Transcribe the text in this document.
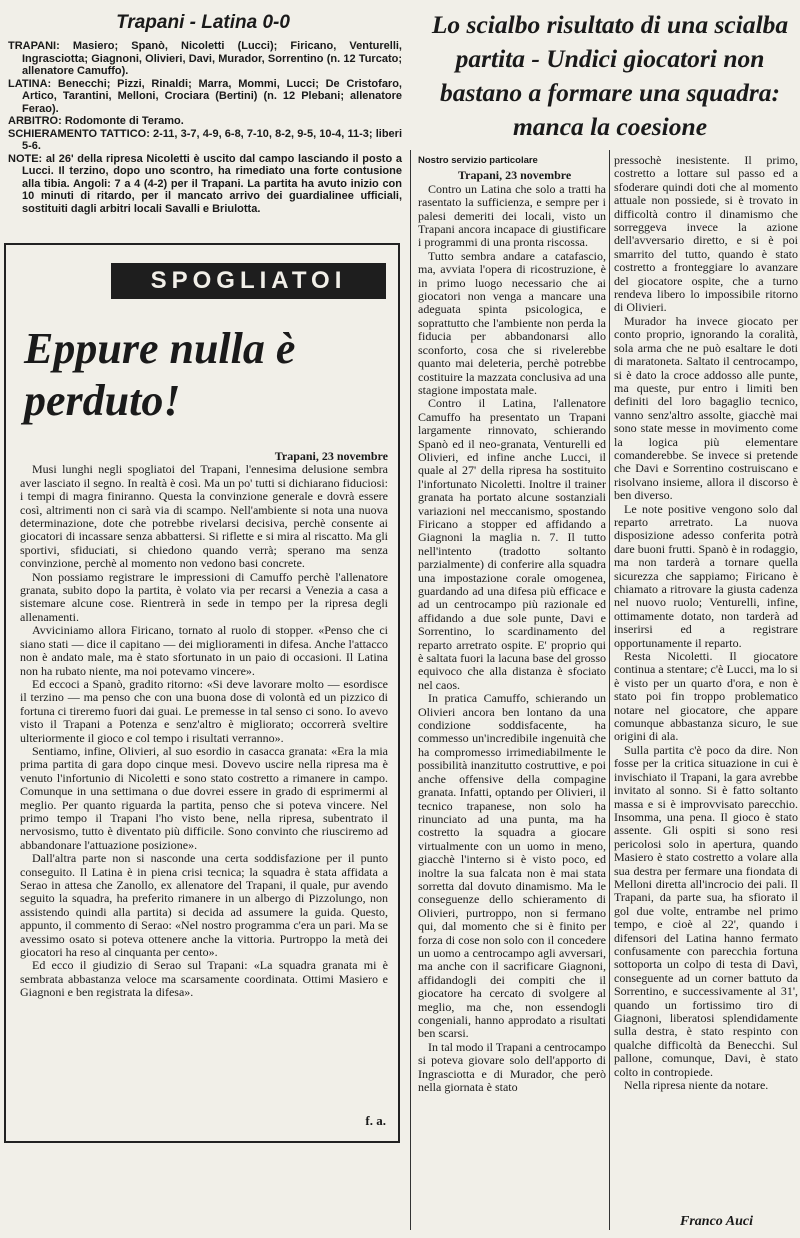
Trapani - Latina 0-0

TRAPANI: Masiero; Spanò, Nicoletti (Lucci); Firicano, Venturelli, Ingrasciotta; Giagnoni, Olivieri, Davi, Murador, Sorrentino (n. 12 Turcato; allenatore Camuffo).

LATINA: Benecchi; Pizzi, Rinaldi; Marra, Mommi, Lucci; De Cristofaro, Artico, Tarantini, Melloni, Crociara (Bertini) (n. 12 Plebani; allenatore Ferao).

ARBITRO: Rodomonte di Teramo.

SCHIERAMENTO TATTICO: 2-11, 3-7, 4-9, 6-8, 7-10, 8-2, 9-5, 10-4, 11-3; liberi 5-6.

NOTE: al 26' della ripresa Nicoletti è uscito dal campo lasciando il posto a Lucci. Il terzino, dopo uno scontro, ha rimediato una forte contusione alla tibia. Angoli: 7 a 4 (4-2) per il Trapani. La partita ha avuto inizio con 10 minuti di ritardo, per il mancato arrivo dei guardialinee ufficiali, sostituiti dagli arbitri locali Savalli e Briulotta.

Lo scialbo risultato di una scialba partita - Undici giocatori non bastano a formare una squadra: manca la coesione
SPOGLIATOI
Eppure nulla è perduto!
Trapani, 23 novembre

Musi lunghi negli spogliatoi del Trapani, l'ennesima delusione sembra aver lasciato il segno. In realtà è così. Ma un po' tutti si dichiarano fiduciosi: i tempi di magra finiranno. Questa la convinzione generale e dovrà essere così, altrimenti non ci sarà via di scampo. Nell'ambiente si nota una nuova determinazione, dote che potrebbe rivelarsi decisiva, perchè consente ai giocatori di incassare senza abbattersi. Si riflette e si mira al riscatto. Ma gli sportivi, sfiduciati, si chiedono quando verrà; sperano ma senza convinzione, perchè al momento non vedono basi concrete.

Non possiamo registrare le impressioni di Camuffo perchè l'allenatore granata, subito dopo la partita, è volato via per recarsi a Venezia a casa a sistemare alcune cose. Rientrerà in sede in tempo per la ripresa degli allenamenti.

Avviciniamo allora Firicano, tornato al ruolo di stopper. «Penso che ci siano stati — dice il capitano — dei miglioramenti in difesa. Anche l'attacco non è andato male, ma è stato sfortunato in un paio di occasioni. Il Latina non ha rubato niente, ma noi potevamo vincere».

Ed eccoci a Spanò, gradito ritorno: «Si deve lavorare molto — esordisce il terzino — ma penso che con una buona dose di volontà ed un pizzico di fortuna ci tireremo fuori dai guai. Le premesse in tal senso ci sono. Io avevo visto il Trapani a Potenza e senz'altro è migliorato; occorrerà sveltire ulteriormente il gioco e col tempo i risultati verranno».

Sentiamo, infine, Olivieri, al suo esordio in casacca granata: «Era la mia prima partita di gara dopo cinque mesi. Dovevo uscire nella ripresa ma è venuto l'infortunio di Nicoletti e sono stato costretto a rimanere in campo. Comunque in una settimana o due dovrei essere in grado di esprimermi al meglio. Per quanto riguarda la partita, penso che si poteva vincere. Nel primo tempo il Trapani l'ho visto bene, nella ripresa, subentrato il nervosismo, tutto è diventato più difficile. Sono convinto che riusciremo ad abbandonare l'attuazione posizione».

Dall'altra parte non si nasconde una certa soddisfazione per il punto conseguito. Il Latina è in piena crisi tecnica; la squadra è stata affidata a Serao in attesa che Zanollo, ex allenatore del Trapani, il quale, pur avendo seguito la squadra, ha preferito rimanere in un albergo di Pizzolungo, non assistendo quindi alla partita) si decida ad assumere la guida. Questo, appunto, il commento di Serao: «Nel nostro programma c'era un pari. Ma se avessimo osato si poteva ottenere anche la vittoria. Purtroppo la metà dei giocatori ha reso al cinquanta per cento».

Ed ecco il giudizio di Serao sul Trapani: «La squadra granata mi è sembrata abbastanza veloce ma scarsamente coordinata. Ottimi Masiero e Giagnoni e ben registrata la difesa».

f. a.

Nostro servizio particolare

Trapani, 23 novembre

Contro un Latina che solo a tratti ha rasentato la sufficienza, e sempre per i palesi demeriti dei locali, visto un Trapani ancora incapace di giustificare i programmi di una pronta riscossa.

Tutto sembra andare a catafascio, ma, avviata l'opera di ricostruzione, è in primo luogo necessario che ai giocatori non venga a mancare una adeguata spinta psicologica, e soprattutto che l'ambiente non perda la fiducia per abbandonarsi allo sconforto, cosa che si rivelerebbe quanto mai deleteria, perchè potrebbe costituire la mazzata conclusiva ad una stagione impostata male.

Contro il Latina, l'allenatore Camuffo ha presentato un Trapani largamente rinnovato, schierando Spanò ed il neo-granata, Venturelli ed Olivieri, ed infine anche Lucci, il quale al 27' della ripresa ha sostituito l'infortunato Nicoletti. Inoltre il trainer granata ha portato alcune sostanziali variazioni nel meccanismo, spostando Firicano a stopper ed affidando a Giagnoni la maglia n. 7. Il tutto nell'intento (tradotto soltanto parzialmente) di conferire alla squadra una impostazione corale omogenea, guardando ad una difesa più efficace e ad un centrocampo più razionale ed affidando a due sole punte, Davi e Sorrentino, lo scardinamento del reparto arretrato ospite. E' proprio qui è saltata fuori la lacuna base del grosso equivoco che alla distanza è sfociato nel caos.

In pratica Camuffo, schierando un Olivieri ancora ben lontano da una condizione soddisfacente, ha commesso un'incredibile ingenuità che ha compromesso irrimediabilmente le possibilità inanzitutto costruttive, e poi anche offensive della compagine granata. Infatti, optando per Olivieri, il tecnico trapanese, non solo ha rinunciato ad una punta, ma ha costretto la squadra a giocare virtualmente con un uomo in meno, giacchè l'interno si è visto poco, ed inoltre la sua falcata non è mai stata sorretta dal dovuto dinamismo. Ma le conseguenze dello schieramento di Olivieri, purtroppo, non si fermano qui, dal momento che si è finito per forza di cose non solo con il concedere un uomo a centrocampo agli avversari, ma anche con il sacrificare Giagnoni, affidandogli dei compiti che il giocatore ha cercato di svolgere al meglio, ma che, non essendogli congeniali, hanno approdato a risultati ben scarsi.

In tal modo il Trapani a centrocampo si poteva giovare solo dell'apporto di Ingrasciotta e di Murador, che però nella giornata è stato

pressochè inesistente. Il primo, costretto a lottare sul passo ed a sfoderare quindi doti che al momento attuale non possiede, si è trovato in difficoltà contro il dinamismo che sorreggeva invece la azione dell'avversario diretto, e si è poi smarrito del tutto, quando è stato costretto a fronteggiare lo avanzare del giocatore ospite, che a turno rendeva libero lo impossibile ritorno di Olivieri.

Murador ha invece giocato per conto proprio, ignorando la coralità, sola arma che ne può esaltare le doti di maratoneta. Saltato il centrocampo, si è dato la croce addosso alle punte, ma queste, pur entro i limiti ben definiti del loro bagaglio tecnico, vanno senz'altro assolte, giacchè mai sono state messe in movimento come la logica più elementare comanderebbe. Se invece si pretende che Davi e Sorrentino costruiscano e risolvano insieme, allora il discorso è ben diverso.

Le note positive vengono solo dal reparto arretrato. La nuova disposizione adesso conferita potrà dare buoni frutti. Spanò è in rodaggio, ma non tarderà a tornare quella sicurezza che sappiamo; Firicano è chiamato a ritrovare la giusta cadenza nel nuovo ruolo; Venturelli, infine, ottimamente dotato, non tarderà ad inserirsi ed a registrare opportunamente il reparto.

Resta Nicoletti. Il giocatore continua a stentare; c'è Lucci, ma lo si è visto per un quarto d'ora, e non è stato poi fin troppo problematico notare nel giocatore, che appare comunque abbastanza sicuro, le sue origini di ala.

Sulla partita c'è poco da dire. Non fosse per la critica situazione in cui è invischiato il Trapani, la gara avrebbe invitato al sonno. Si è fatto soltanto massa e si è improvvisato parecchio. Insomma, una pena. Il gioco è stato assente. Gli ospiti si sono resi pericolosi solo in apertura, quando Masiero è stato costretto a volare alla sua destra per fermare una fiondata di Melloni diretta all'incrocio dei pali. Il Trapani, da parte sua, ha sfiorato il gol due volte, entrambe nel primo tempo, e cioè al 22', quando i difensori del Latina hanno fermato confusamente con parecchia fortuna sottoporta un colpo di testa di Davì, conseguente ad un corner battuto da Sorrentino, e successivamente al 31', quando un fortissimo tiro di Giagnoni, liberatosi splendidamente sulla destra, è stato respinto con qualche difficoltà da Benecchi. Sul pallone, comunque, Davi, è stato colto in contropiede.

Nella ripresa niente da notare.

Franco Auci
